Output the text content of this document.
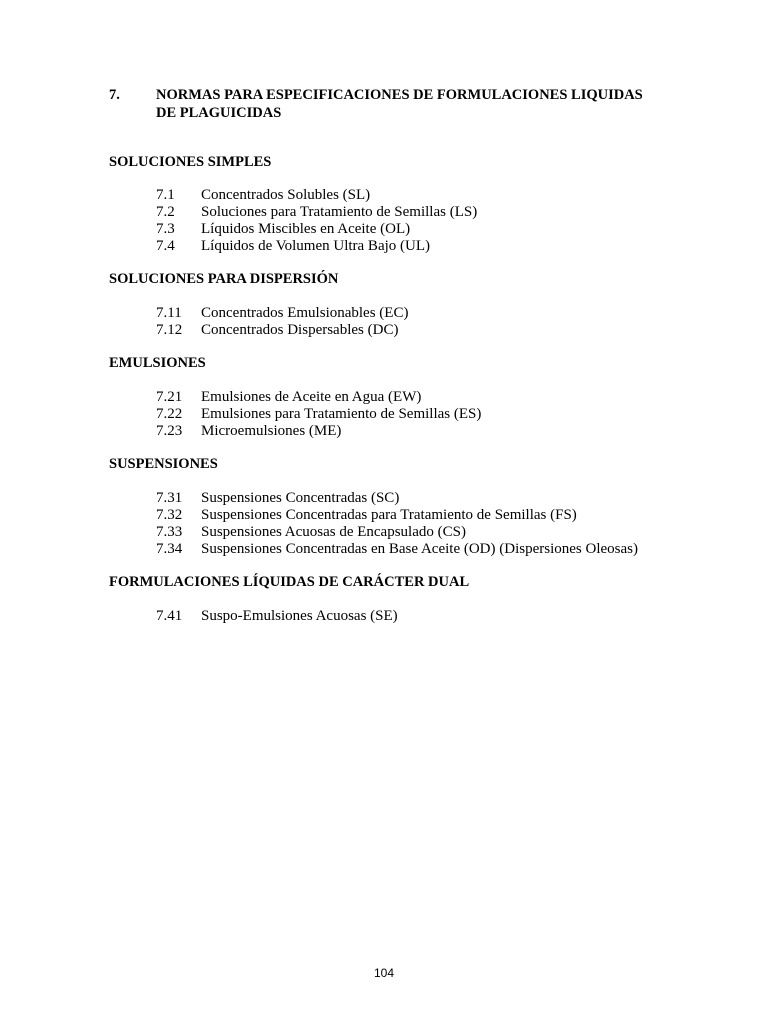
7. NORMAS PARA ESPECIFICACIONES DE FORMULACIONES LIQUIDAS DE PLAGUICIDAS
SOLUCIONES SIMPLES
7.1	Concentrados Solubles (SL)
7.2	Soluciones para Tratamiento de Semillas (LS)
7.3	Líquidos Miscibles en Aceite (OL)
7.4	Líquidos de Volumen Ultra Bajo (UL)
SOLUCIONES PARA DISPERSIÓN
7.11	Concentrados Emulsionables (EC)
7.12	Concentrados Dispersables (DC)
EMULSIONES
7.21	Emulsiones de Aceite en Agua (EW)
7.22	Emulsiones para Tratamiento de Semillas (ES)
7.23	Microemulsiones (ME)
SUSPENSIONES
7.31	Suspensiones Concentradas (SC)
7.32	Suspensiones Concentradas para Tratamiento de Semillas (FS)
7.33	Suspensiones Acuosas de Encapsulado (CS)
7.34	Suspensiones Concentradas en Base Aceite (OD) (Dispersiones Oleosas)
FORMULACIONES LÍQUIDAS DE CARÁCTER DUAL
7.41	Suspo-Emulsiones Acuosas (SE)
104
